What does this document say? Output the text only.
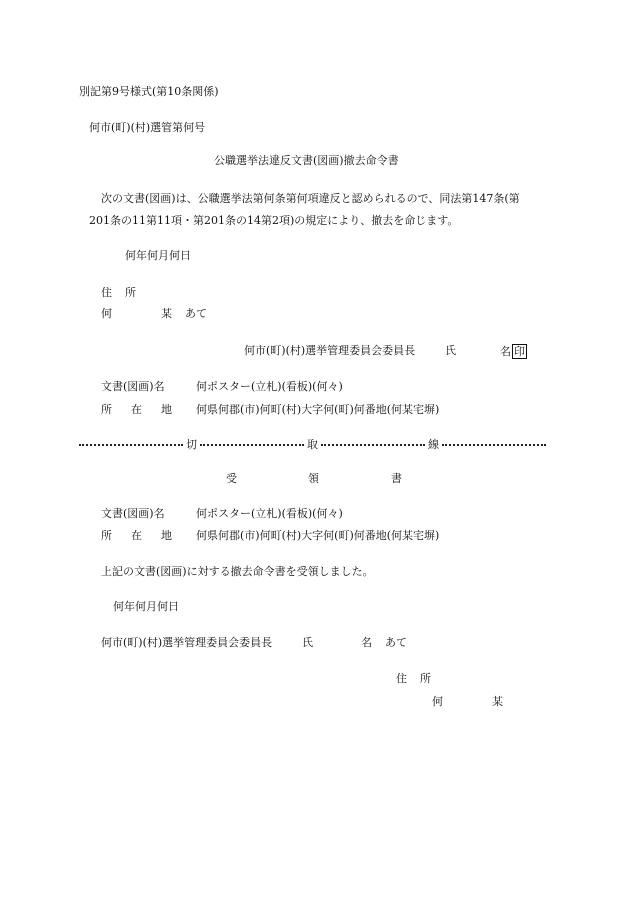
別記第9号様式(第10条関係)
何市(町)(村)選管第何号
公職選挙法違反文書(図画)撤去命令書
次の文書(図画)は、公職選挙法第何条第何項違反と認められるので、同法第147条(第
201条の11第11項・第201条の14第2項)の規定により、撤去を命じます。
何年何月何日
住 所
何	某 あて
何市(町)(村)選挙管理委員会委員長	氏	名 印
文書(図画)名	何ポスター(立札)(看板)(何々)
所 在 地 何県何郡(市)何町(村)大字何(町)何番地(何某宅塀)
切	取	線
受	領	書
文書(図画)名	何ポスター(立札)(看板)(何々)
所 在 地 何県何郡(市)何町(村)大字何(町)何番地(何某宅塀)
上記の文書(図画)に対する撤去命令書を受領しました。
何年何月何日
何市(町)(村)選挙管理委員会委員長	氏	名 あて
住 所
何	某
